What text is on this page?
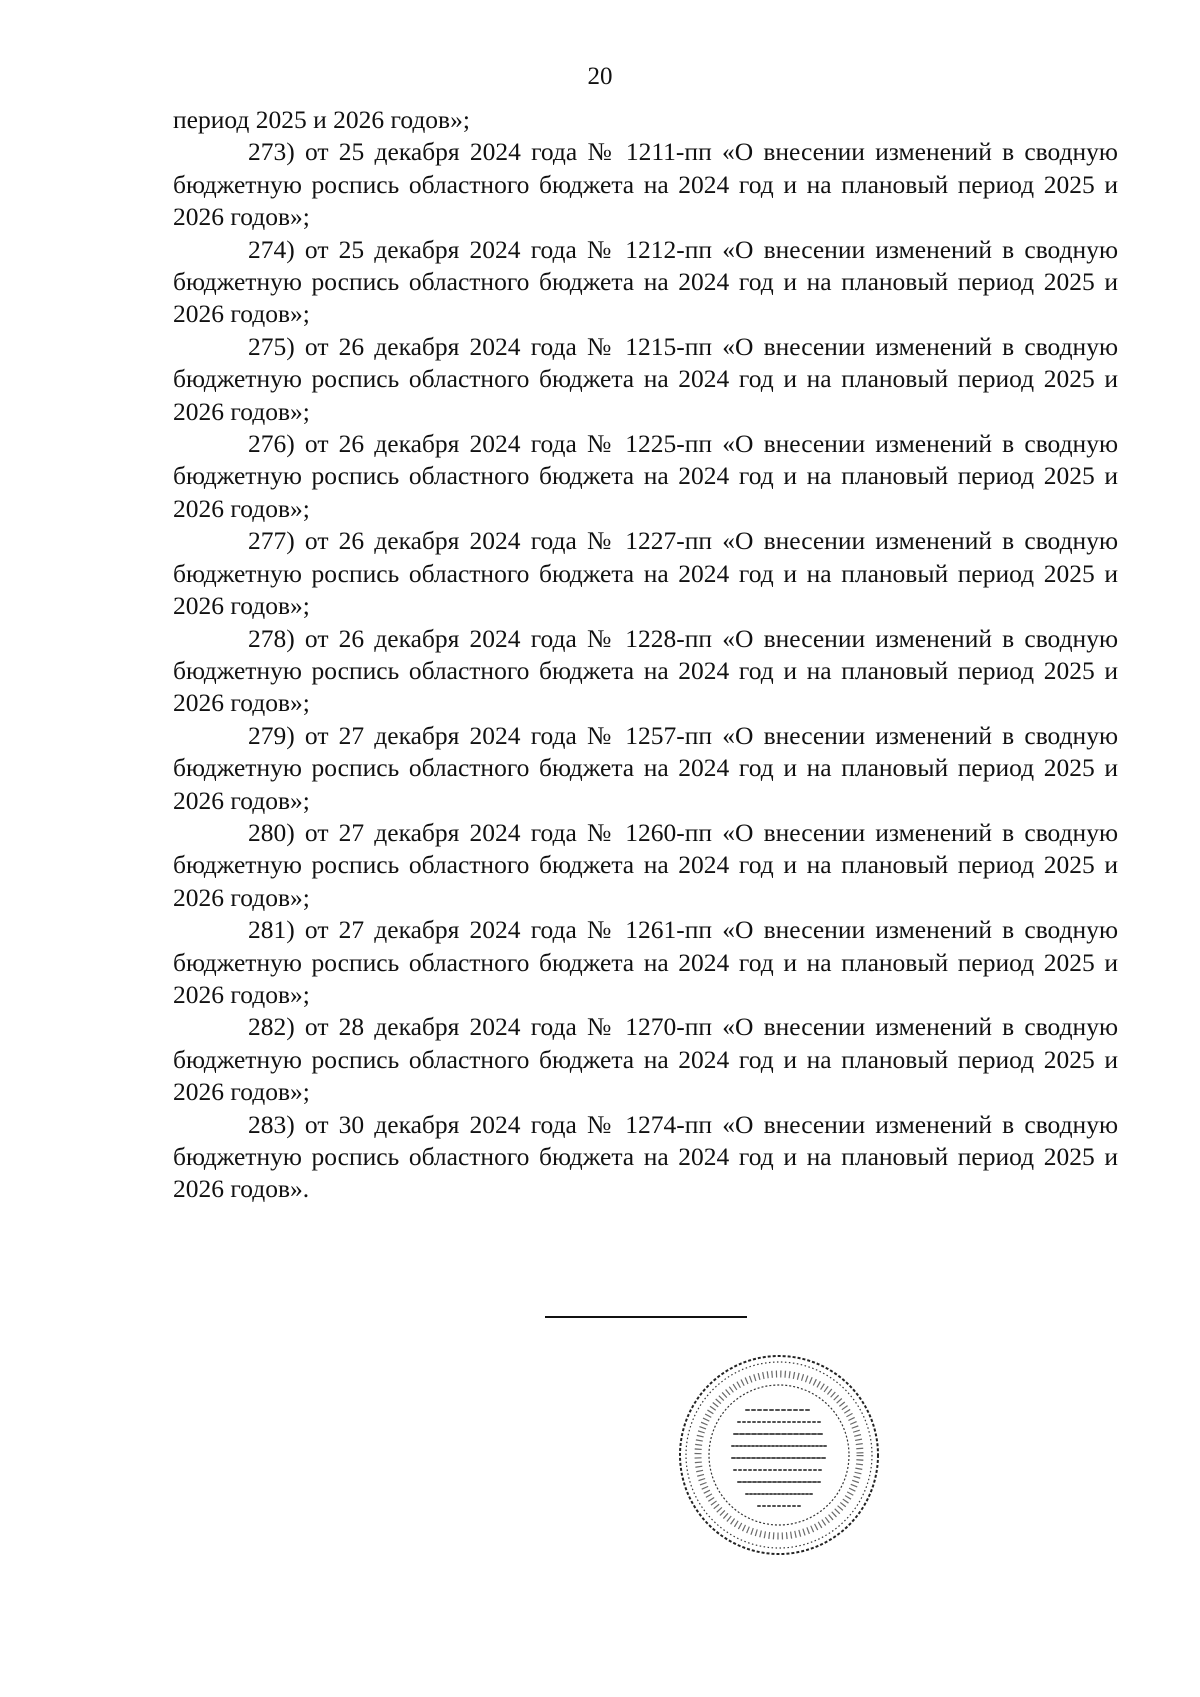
20

период 2025 и 2026 годов»;

273) от 25 декабря 2024 года № 1211-пп «О внесении изменений в сводную бюджетную роспись областного бюджета на 2024 год и на плановый период 2025 и 2026 годов»;

274) от 25 декабря 2024 года № 1212-пп «О внесении изменений в сводную бюджетную роспись областного бюджета на 2024 год и на плановый период 2025 и 2026 годов»;

275) от 26 декабря 2024 года № 1215-пп «О внесении изменений в сводную бюджетную роспись областного бюджета на 2024 год и на плановый период 2025 и 2026 годов»;

276) от 26 декабря 2024 года № 1225-пп «О внесении изменений в сводную бюджетную роспись областного бюджета на 2024 год и на плановый период 2025 и 2026 годов»;

277) от 26 декабря 2024 года № 1227-пп «О внесении изменений в сводную бюджетную роспись областного бюджета на 2024 год и на плановый период 2025 и 2026 годов»;

278) от 26 декабря 2024 года № 1228-пп «О внесении изменений в сводную бюджетную роспись областного бюджета на 2024 год и на плановый период 2025 и 2026 годов»;

279) от 27 декабря 2024 года № 1257-пп «О внесении изменений в сводную бюджетную роспись областного бюджета на 2024 год и на плановый период 2025 и 2026 годов»;

280) от 27 декабря 2024 года № 1260-пп «О внесении изменений в сводную бюджетную роспись областного бюджета на 2024 год и на плановый период 2025 и 2026 годов»;

281) от 27 декабря 2024 года № 1261-пп «О внесении изменений в сводную бюджетную роспись областного бюджета на 2024 год и на плановый период 2025 и 2026 годов»;

282) от 28 декабря 2024 года № 1270-пп «О внесении изменений в сводную бюджетную роспись областного бюджета на 2024 год и на плановый период 2025 и 2026 годов»;

283) от 30 декабря 2024 года № 1274-пп «О внесении изменений в сводную бюджетную роспись областного бюджета на 2024 год и на плановый период 2025 и 2026 годов».
